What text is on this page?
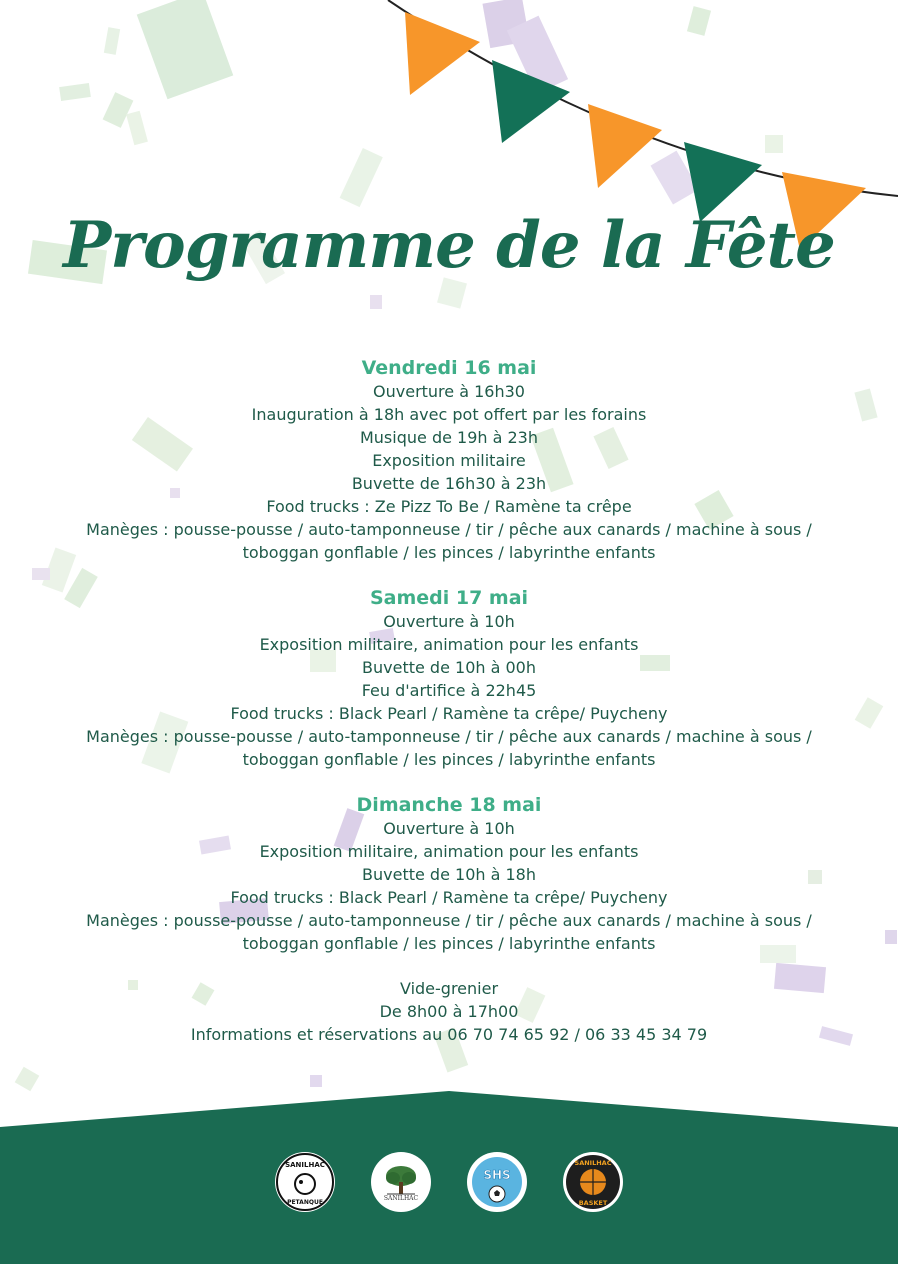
Programme de la Fête
Vendredi 16 mai
Ouverture à 16h30
Inauguration à 18h avec pot offert par les forains
Musique de 19h à 23h
Exposition militaire
Buvette de 16h30 à 23h
Food trucks : Ze Pizz To Be / Ramène ta crêpe
Manèges : pousse-pousse / auto-tamponneuse / tir / pêche aux canards / machine à sous / toboggan gonflable / les pinces / labyrinthe enfants
Samedi 17 mai
Ouverture à 10h
Exposition militaire, animation pour les enfants
Buvette de 10h à 00h
Feu d'artifice à 22h45
Food trucks : Black Pearl / Ramène ta crêpe/ Puycheny
Manèges : pousse-pousse / auto-tamponneuse / tir / pêche aux canards / machine à sous / toboggan gonflable / les pinces / labyrinthe enfants
Dimanche 18 mai
Ouverture à 10h
Exposition militaire, animation pour les enfants
Buvette de 10h à 18h
Food trucks : Black Pearl / Ramène ta crêpe/ Puycheny
Manèges : pousse-pousse / auto-tamponneuse / tir / pêche aux canards / machine à sous / toboggan gonflable / les pinces / labyrinthe enfants
Vide-grenier
De 8h00 à 17h00
Informations et réservations au 06 70 74 65 92 / 06 33 45 34 79
SANILHAC
PETANQUE
SANILHAC
SHS
SANILHAC
BASKET
